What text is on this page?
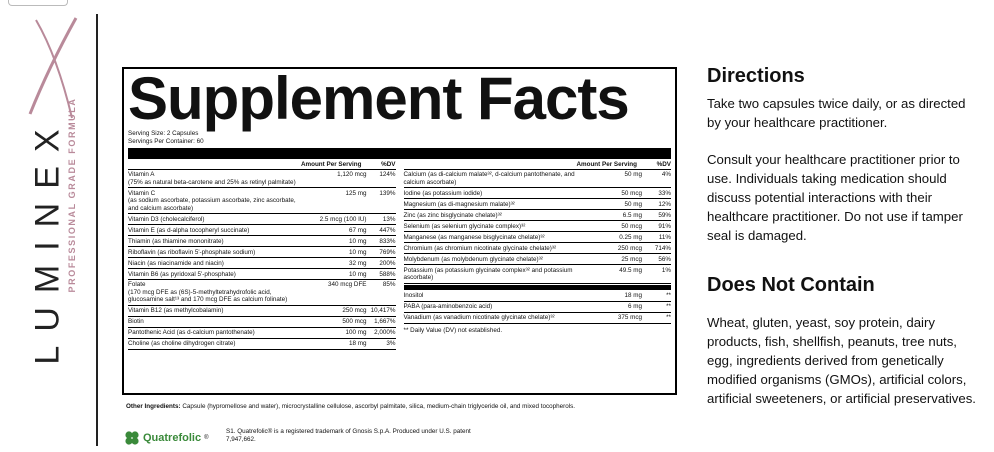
LUMINEX PROFESSIONAL GRADE FORMULA Supplement Facts
Serving Size: 2 Capsules
Servings Per Container: 60
Amount Per Serving	%DV
Vitamin A
(75% as natural beta-carotene and 25% as retinyl palmitate)
1,120 mcg	124%
Vitamin C
(as sodium ascorbate, potassium ascorbate, zinc ascorbate,
and calcium ascorbate)
125 mg	139%
Vitamin D3 (cholecalciferol)	2.5 mcg (100 IU)	13%
Vitamin E (as d-alpha tocopheryl succinate)	67 mg	447%
Thiamin (as thiamine mononitrate)	10 mg	833%
Riboflavin (as riboflavin 5'-phosphate sodium)	10 mg	769%
Niacin (as niacinamide and niacin)	32 mg	200%
Vitamin B6 (as pyridoxal 5'-phosphate)	10 mg	588%
Folate
(170 mcg DFE as (6S)-5-methyltetrahydrofolic acid,
glucosamine salt¹³ and 170 mcg DFE as calcium folinate)
340 mcg DFE	85%
Vitamin B12 (as methylcobalamin)	250 mcg 10,417%
Biotin	500 mcg	1,667%
Pantothenic Acid (as d-calcium pantothenate)	100 mg	2,000%
Choline (as choline dihydrogen citrate)	18 mg	3%
Amount Per Serving	%DV
Calcium (as di-calcium malate³², d-calcium pantothenate, and
calcium ascorbate)
50 mg	4%
Iodine (as potassium iodide)	50 mcg	33%
Magnesium (as di-magnesium malate)³²	50 mg	12%
Zinc (as zinc bisglycinate chelate)³²	6.5 mg	59%
Selenium (as selenium glycinate complex)³²	50 mcg	91%
Manganese (as manganese bisglycinate chelate)³²	0.25 mg	11%
Chromium (as chromium nicotinate glycinate chelate)³²	250 mcg	714%
Molybdenum (as molybdenum glycinate chelate)³²	25 mcg	56%
Potassium (as potassium glycinate complex³² and potassium
ascorbate)
49.5 mg	1%
Inositol	18 mg	**
PABA (para-aminobenzoic acid)	6 mg	**
Vanadium (as vanadium nicotinate glycinate chelate)³²	375 mcg	**
** Daily Value (DV) not established.
Other Ingredients: Capsule (hypromellose and water), microcrystalline cellulose, ascorbyl palmitate, silica, medium-chain triglyceride oil, and mixed tocopherols.
Quatrefolic ®
S1. Quatrefolic® is a registered trademark of Gnosis S.p.A. Produced under U.S. patent 7,947,662.
Directions

Take two capsules twice daily, or as directed by your healthcare practitioner.

Consult your healthcare practitioner prior to use. Individuals taking medication should discuss potential interactions with their healthcare practitioner. Do not use if tamper seal is damaged.

Does Not Contain

Wheat, gluten, yeast, soy protein, dairy products, fish, shellfish, peanuts, tree nuts, egg, ingredients derived from genetically modified organisms (GMOs), artificial colors, artificial sweeteners, or artificial preservatives.
